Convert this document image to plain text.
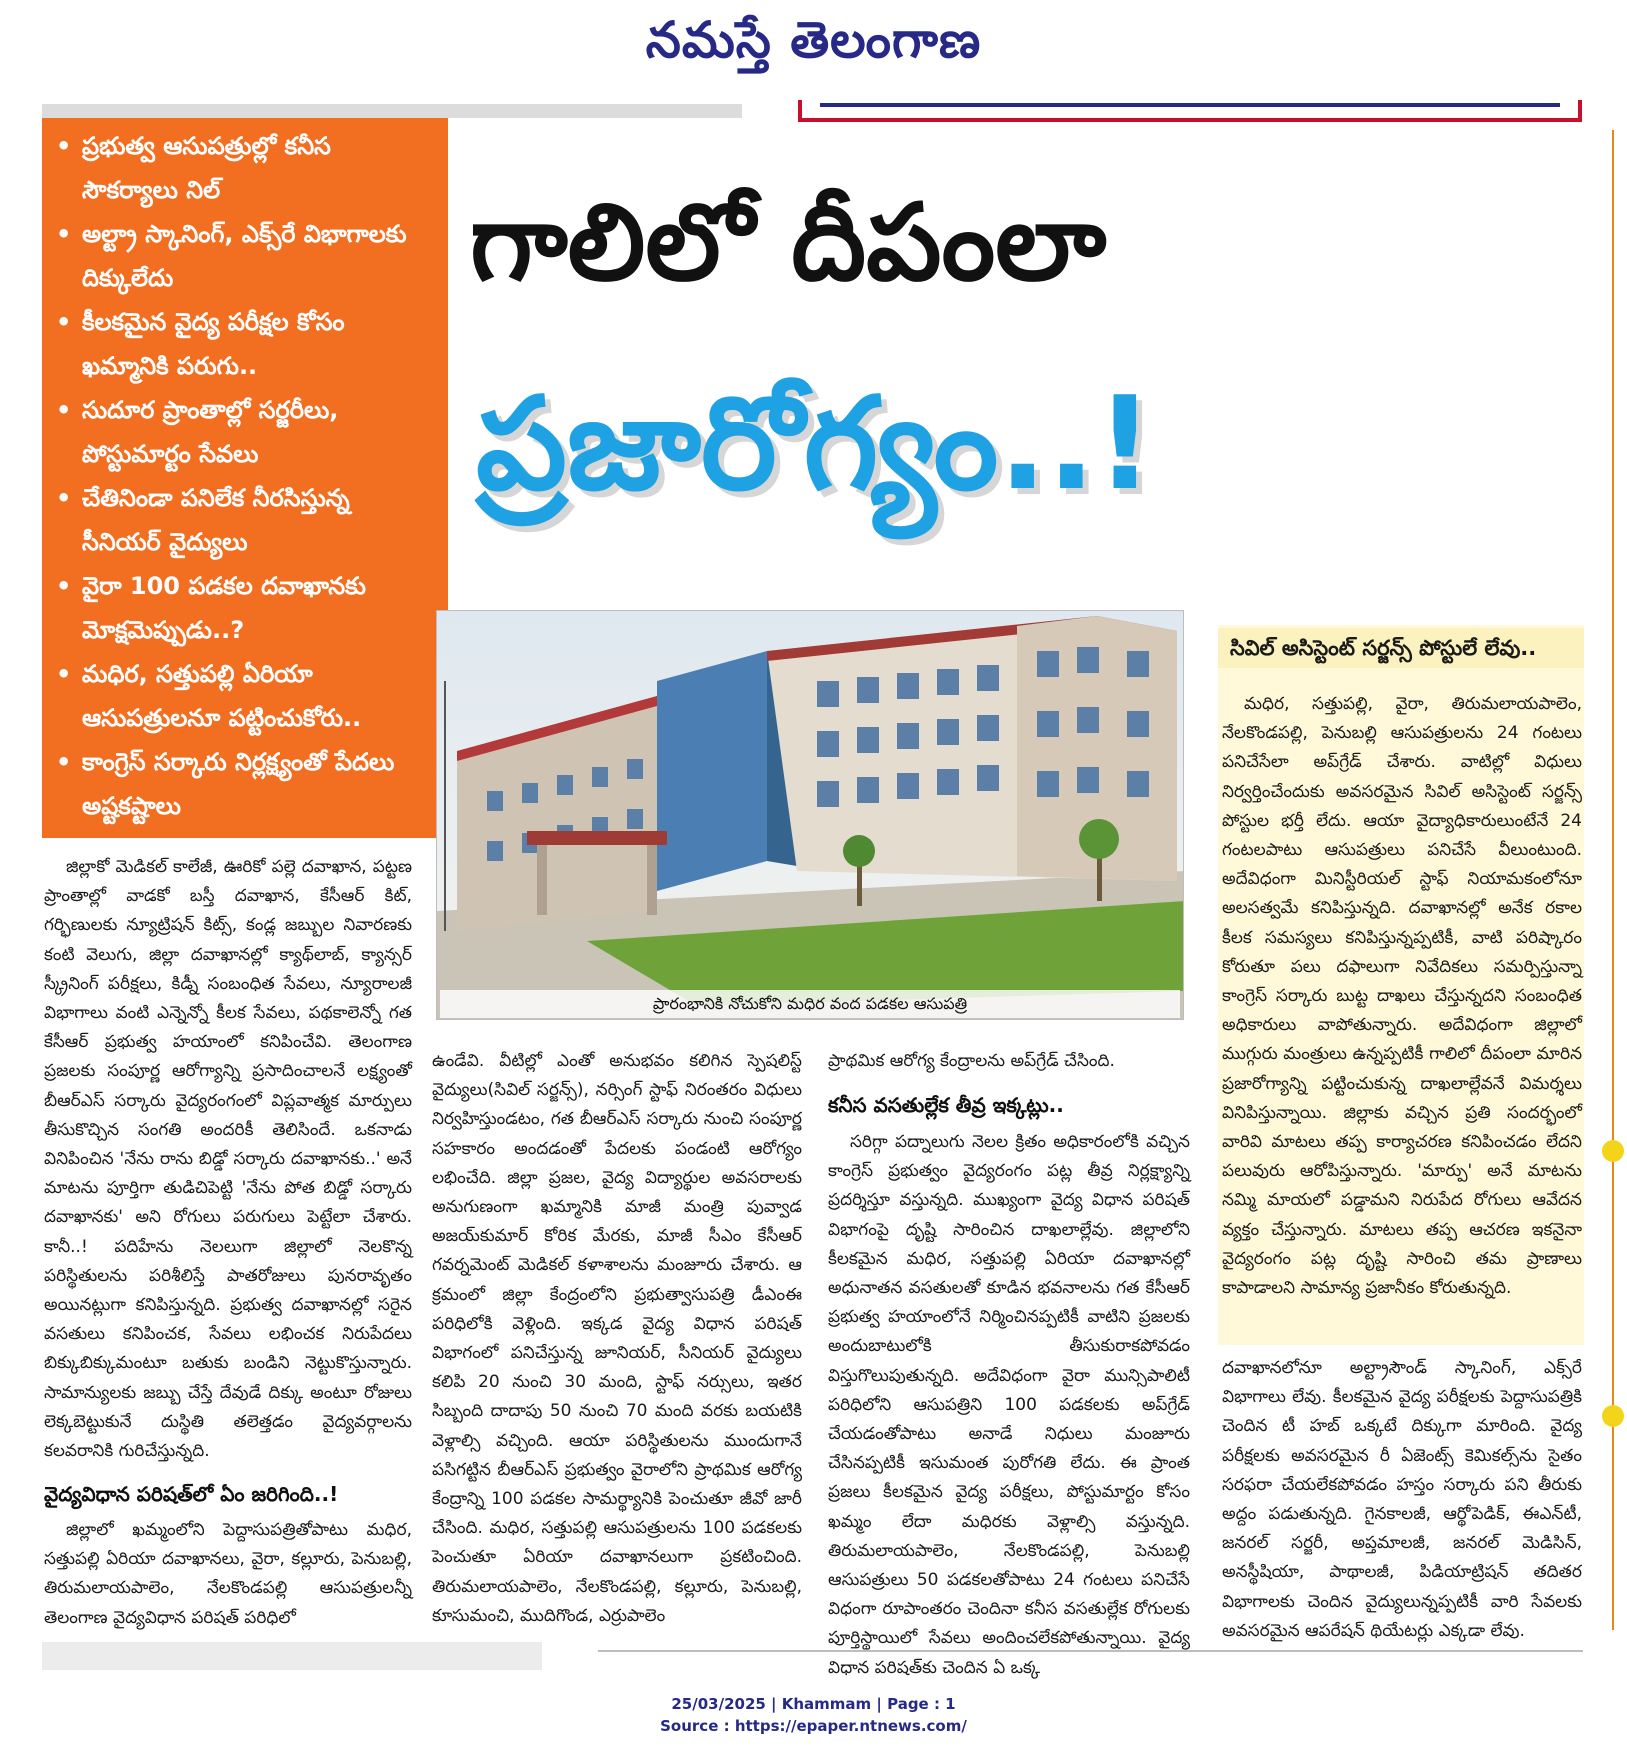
నమస్తే తెలంగాణ
• ప్రభుత్వ ఆసుపత్రుల్లో కనీస సౌకర్యాలు నిల్
• అల్ట్రా స్కానింగ్, ఎక్స్‌రే విభాగాలకు దిక్కులేదు
• కీలకమైన వైద్య పరీక్షల కోసం ఖమ్మానికి పరుగు..
• సుదూర ప్రాంతాల్లో సర్జరీలు, పోస్టుమార్టం సేవలు
• చేతినిండా పనిలేక నీరసిస్తున్న సీనియర్‌ వైద్యులు
• వైరా 100 పడకల దవాఖానకు మోక్షమెప్పుడు..?
• మధిర, సత్తుపల్లి ఏరియా ఆసుపత్రులనూ పట్టించుకోరు..
• కాంగ్రెస్‌ సర్కారు నిర్లక్ష్యంతో పేదలు అష్టకష్టాలు
గాలిలో దీపంలా
ప్రజారోగ్యం..!
ప్రారంభానికి నోచుకోని మధిర వంద పడకల ఆసుపత్రి
సివిల్‌ అసిస్టెంట్‌ సర్జన్స్‌ పోస్టులే లేవు..

జిల్లాకో మెడికల్‌ కాలేజీ, ఊరికో పల్లె దవాఖాన, పట్టణ ప్రాంతాల్లో వాడకో బస్తీ దవాఖాన, కేసీఆర్‌ కిట్‌, గర్భిణులకు న్యూట్రిషన్‌ కిట్స్‌, కండ్ల జబ్బుల నివారణకు కంటి వెలుగు, జిల్లా దవాఖానల్లో క్యాథ్‌లాబ్‌, క్యాన్సర్‌ స్క్రీనింగ్‌ పరీక్షలు, కిడ్నీ సంబంధిత సేవలు, న్యూరాలజీ విభాగాలు వంటి ఎన్నెన్నో కీలక సేవలు, పథకాలెన్నో గత కేసీఆర్‌ ప్రభుత్వ హయాంలో కనిపించేవి. తెలంగాణ ప్రజలకు సంపూర్ణ ఆరోగ్యాన్ని ప్రసాదించాలనే లక్ష్యంతో బీఆర్‌ఎస్‌ సర్కారు వైద్యరంగంలో విప్లవాత్మక మార్పులు తీసుకొచ్చిన సంగతి అందరికీ తెలిసిందే. ఒకనాడు వినిపించిన 'నేను రాను బిడ్డో సర్కారు దవాఖానకు..' అనే మాటను పూర్తిగా తుడిచిపెట్టి 'నేను పోత బిడ్డో సర్కారు దవాఖానకు' అని రోగులు పరుగులు పెట్టేలా చేశారు. కానీ..! పదిహేను నెలలుగా జిల్లాలో నెలకొన్న పరిస్థితులను పరిశీలిస్తే పాతరోజులు పునరావృతం అయినట్లుగా కనిపిస్తున్నది. ప్రభుత్వ దవాఖానల్లో సరైన వసతులు కనిపించక, సేవలు లభించక నిరుపేదలు బిక్కుబిక్కుమంటూ బతుకు బండిని నెట్టుకొస్తున్నారు. సామాన్యులకు జబ్బు చేస్తే దేవుడే దిక్కు అంటూ రోజులు లెక్కబెట్టుకునే దుస్థితి తలెత్తడం వైద్యవర్గాలను కలవరానికి గురిచేస్తున్నది.

వైద్యవిధాన పరిషత్‌లో ఏం జరిగింది..!

జిల్లాలో ఖమ్మంలోని పెద్దాసుపత్రితోపాటు మధిర, సత్తుపల్లి ఏరియా దవాఖానలు, వైరా, కల్లూరు, పెనుబల్లి, తిరుమలాయపాలెం, నేలకొండపల్లి ఆసుపత్రులన్నీ తెలంగాణ వైద్యవిధాన పరిషత్‌ పరిధిలో

ఉండేవి. వీటిల్లో ఎంతో అనుభవం కలిగిన స్పెషలిస్ట్‌ వైద్యులు(సివిల్‌ సర్జన్స్‌), నర్సింగ్‌ స్టాఫ్‌ నిరంతరం విధులు నిర్వహిస్తుండటం, గత బీఆర్‌ఎస్‌ సర్కారు నుంచి సంపూర్ణ సహకారం అందడంతో పేదలకు పండంటి ఆరోగ్యం లభించేది. జిల్లా ప్రజల, వైద్య విద్యార్థుల అవసరాలకు అనుగుణంగా ఖమ్మానికి మాజీ మంత్రి పువ్వాడ అజయ్‌కుమార్‌ కోరిక మేరకు, మాజీ సీఎం కేసీఆర్‌ గవర్నమెంట్‌ మెడికల్‌ కళాశాలను మంజూరు చేశారు. ఆ క్రమంలో జిల్లా కేంద్రంలోని ప్రభుత్వాసుపత్రి డీఎంఈ పరిధిలోకి వెళ్లింది. ఇక్కడ వైద్య విధాన పరిషత్‌ విభాగంలో పనిచేస్తున్న జూనియర్‌, సీనియర్‌ వైద్యులు కలిపి 20 నుంచి 30 మంది, స్టాఫ్‌ నర్సులు, ఇతర సిబ్బంది దాదాపు 50 నుంచి 70 మంది వరకు బయటికి వెళ్లాల్సి వచ్చింది. ఆయా పరిస్థితులను ముందుగానే పసిగట్టిన బీఆర్‌ఎస్‌ ప్రభుత్వం వైరాలోని ప్రాథమిక ఆరోగ్య కేంద్రాన్ని 100 పడకల సామర్థ్యానికి పెంచుతూ జీవో జారీ చేసింది. మధిర, సత్తుపల్లి ఆసుపత్రులను 100 పడకలకు పెంచుతూ ఏరియా దవాఖానలుగా ప్రకటించింది. తిరుమలాయపాలెం, నేలకొండపల్లి, కల్లూరు, పెనుబల్లి, కూసుమంచి, ముదిగొండ, ఎర్రుపాలెం

ప్రాథమిక ఆరోగ్య కేంద్రాలను అప్‌గ్రేడ్‌ చేసింది.

కనీస వసతుల్లేక తీవ్ర ఇక్కట్లు..

సరిగ్గా పద్నాలుగు నెలల క్రితం అధికారంలోకి వచ్చిన కాంగ్రెస్‌ ప్రభుత్వం వైద్యరంగం పట్ల తీవ్ర నిర్లక్ష్యాన్ని ప్రదర్శిస్తూ వస్తున్నది. ముఖ్యంగా వైద్య విధాన పరిషత్‌ విభాగంపై దృష్టి సారించిన దాఖలాల్లేవు. జిల్లాలోని కీలకమైన మధిర, సత్తుపల్లి ఏరియా దవాఖానల్లో అధునాతన వసతులతో కూడిన భవనాలను గత కేసీఆర్‌ ప్రభుత్వ హయాంలోనే నిర్మించినప్పటికీ వాటిని ప్రజలకు అందుబాటులోకి తీసుకురాకపోవడం విస్తుగొలుపుతున్నది. అదేవిధంగా వైరా మున్సిపాలిటీ పరిధిలోని ఆసుపత్రిని 100 పడకలకు అప్‌గ్రేడ్‌ చేయడంతోపాటు అనాడే నిధులు మంజూరు చేసినప్పటికీ ఇసుమంత పురోగతి లేదు. ఈ ప్రాంత ప్రజలు కీలకమైన వైద్య పరీక్షలు, పోస్టుమార్టం కోసం ఖమ్మం లేదా మధిరకు వెళ్లాల్సి వస్తున్నది. తిరుమలాయపాలెం, నేలకొండపల్లి, పెనుబల్లి ఆసుపత్రులు 50 పడకలతోపాటు 24 గంటలు పనిచేసే విధంగా రూపాంతరం చెందినా కనీస వసతుల్లేక రోగులకు పూర్తిస్థాయిలో సేవలు అందించలేకపోతున్నాయి. వైద్య విధాన పరిషత్‌కు చెందిన ఏ ఒక్క

మధిర, సత్తుపల్లి, వైరా, తిరుమలాయపాలెం, నేలకొండపల్లి, పెనుబల్లి ఆసుపత్రులను 24 గంటలు పనిచేసేలా అప్‌గ్రేడ్‌ చేశారు. వాటిల్లో విధులు నిర్వర్తించేందుకు అవసరమైన సివిల్‌ అసిస్టెంట్‌ సర్జన్స్‌ పోస్టుల భర్తీ లేదు. ఆయా వైద్యాధికారులుంటేనే 24 గంటలపాటు ఆసుపత్రులు పనిచేసే వీలుంటుంది. అదేవిధంగా మినిస్టీరియల్‌ స్టాఫ్‌ నియామకంలోనూ అలసత్వమే కనిపిస్తున్నది. దవాఖానల్లో అనేక రకాల కీలక సమస్యలు కనిపిస్తున్నప్పటికీ, వాటి పరిష్కారం కోరుతూ పలు దఫాలుగా నివేదికలు సమర్పిస్తున్నా కాంగ్రెస్‌ సర్కారు బుట్ట దాఖలు చేస్తున్నదని సంబంధిత అధికారులు వాపోతున్నారు. అదేవిధంగా జిల్లాలో ముగ్గురు మంత్రులు ఉన్నప్పటికీ గాలిలో దీపంలా మారిన ప్రజారోగ్యాన్ని పట్టించుకున్న దాఖలాల్లేవనే విమర్శలు వినిపిస్తున్నాయి. జిల్లాకు వచ్చిన ప్రతి సందర్భంలో వారివి మాటలు తప్ప కార్యాచరణ కనిపించడం లేదని పలువురు ఆరోపిస్తున్నారు. 'మార్పు' అనే మాటను నమ్మి మాయలో పడ్డామని నిరుపేద రోగులు ఆవేదన వ్యక్తం చేస్తున్నారు. మాటలు తప్ప ఆచరణ ఇకనైనా వైద్యరంగం పట్ల దృష్టి సారించి తమ ప్రాణాలు కాపాడాలని సామాన్య ప్రజానీకం కోరుతున్నది.

దవాఖానలోనూ అల్ట్రాసౌండ్‌ స్కానింగ్‌, ఎక్స్‌రే విభాగాలు లేవు. కీలకమైన వైద్య పరీక్షలకు పెద్దాసుపత్రికి చెందిన టీ హబ్‌ ఒక్కటే దిక్కుగా మారింది. వైద్య పరీక్షలకు అవసరమైన రీ ఏజెంట్స్‌ కెమికల్స్‌ను సైతం సరఫరా చేయలేకపోవడం హస్తం సర్కారు పని తీరుకు అద్దం పడుతున్నది. గైనకాలజీ, ఆర్థోపెడిక్‌, ఈఎన్‌టీ, జనరల్‌ సర్జరీ, అప్తమాలజీ, జనరల్‌ మెడిసిన్‌, అనస్థీషియా, పాథాలజీ, పిడియాట్రిషన్‌ తదితర విభాగాలకు చెందిన వైద్యులున్నప్పటికీ వారి సేవలకు అవసరమైన ఆపరేషన్‌ థియేటర్లు ఎక్కడా లేవు.

25/03/2025 | Khammam | Page : 1
Source : https://epaper.ntnews.com/
